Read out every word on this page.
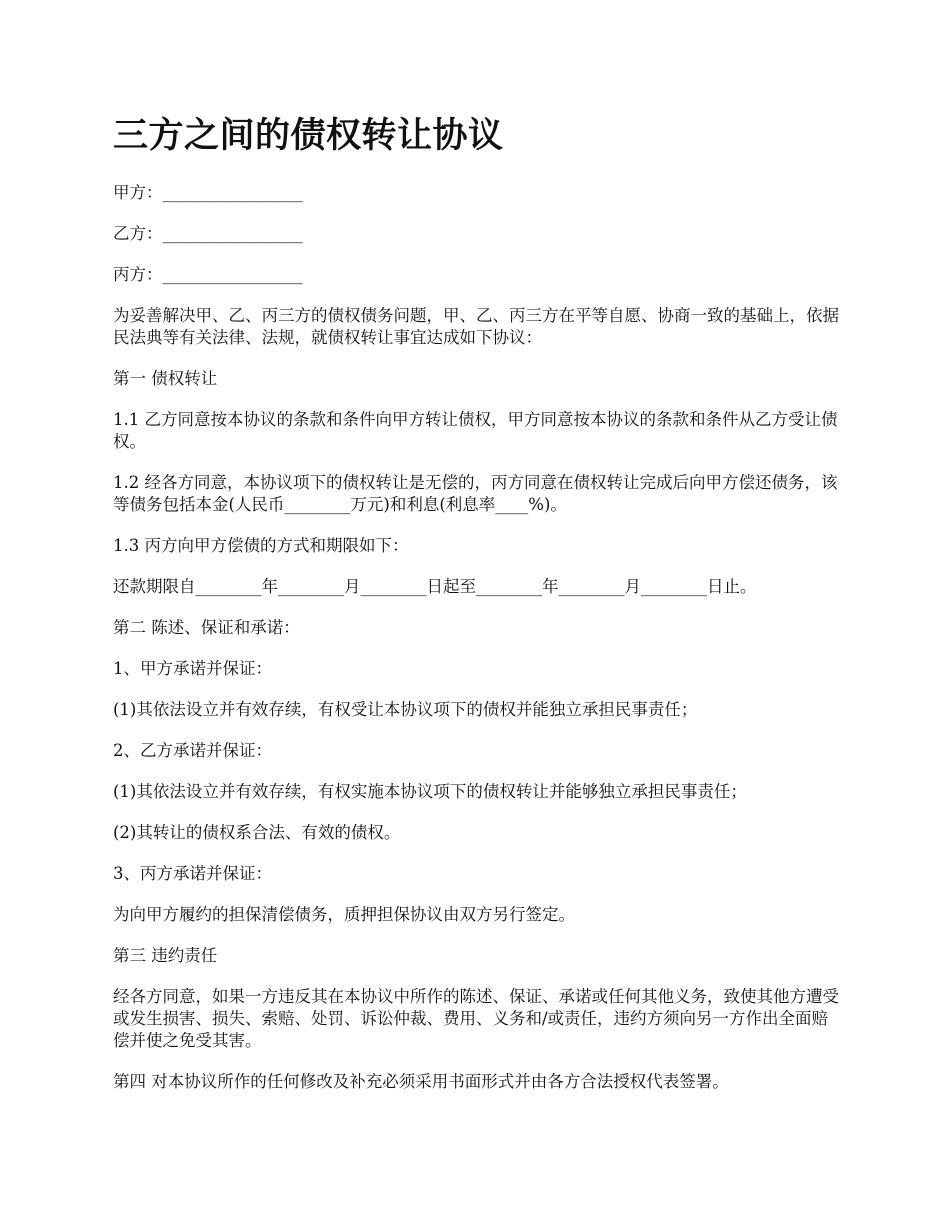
三方之间的债权转让协议

甲方：_________________

乙方：_________________

丙方：_________________

为妥善解决甲、乙、丙三方的债权债务问题，甲、乙、丙三方在平等自愿、协商一致的基础上，依据民法典等有关法律、法规，就债权转让事宜达成如下协议：

第一 债权转让

1.1 乙方同意按本协议的条款和条件向甲方转让债权，甲方同意按本协议的条款和条件从乙方受让债权。

1.2 经各方同意，本协议项下的债权转让是无偿的，丙方同意在债权转让完成后向甲方偿还债务，该等债务包括本金(人民币________万元)和利息(利息率____%)。

1.3 丙方向甲方偿债的方式和期限如下：

还款期限自________年________月________日起至________年________月________日止。

第二 陈述、保证和承诺：

1、甲方承诺并保证：

(1)其依法设立并有效存续，有权受让本协议项下的债权并能独立承担民事责任；

2、乙方承诺并保证：

(1)其依法设立并有效存续，有权实施本协议项下的债权转让并能够独立承担民事责任；

(2)其转让的债权系合法、有效的债权。

3、丙方承诺并保证：

为向甲方履约的担保清偿债务，质押担保协议由双方另行签定。

第三 违约责任

经各方同意，如果一方违反其在本协议中所作的陈述、保证、承诺或任何其他义务，致使其他方遭受或发生损害、损失、索赔、处罚、诉讼仲裁、费用、义务和/或责任，违约方须向另一方作出全面赔偿并使之免受其害。

第四 对本协议所作的任何修改及补充必须采用书面形式并由各方合法授权代表签署。
